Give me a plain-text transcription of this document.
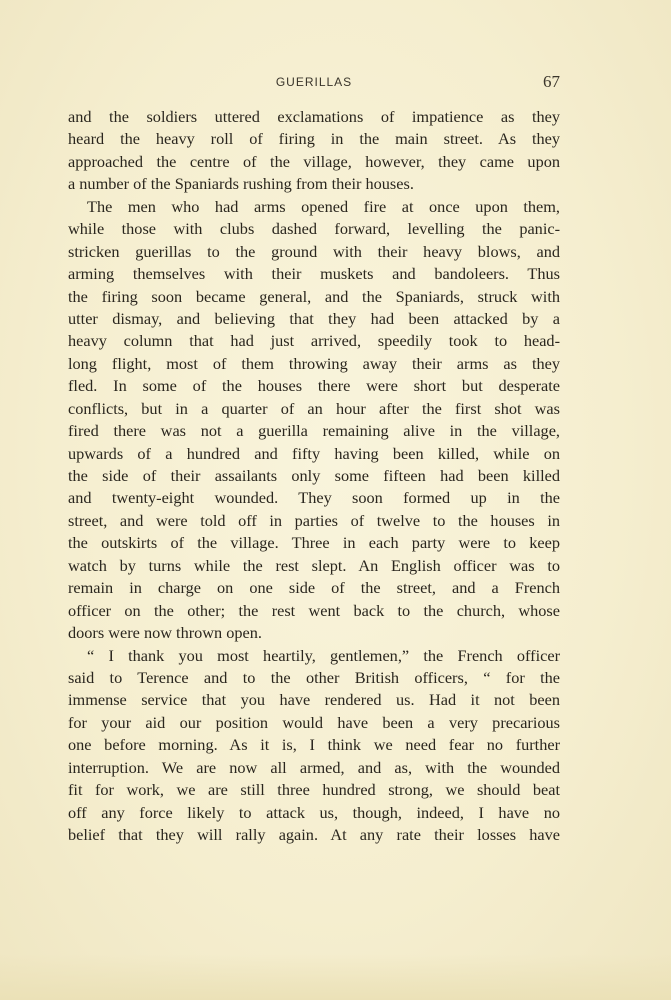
GUERILLAS	67
and the soldiers uttered exclamations of impatience as they
heard the heavy roll of firing in the main street. As they
approached the centre of the village, however, they came upon
a number of the Spaniards rushing from their houses.
The men who had arms opened fire at once upon them,
while those with clubs dashed forward, levelling the panic-
stricken guerillas to the ground with their heavy blows, and
arming themselves with their muskets and bandoleers. Thus
the firing soon became general, and the Spaniards, struck with
utter dismay, and believing that they had been attacked by a
heavy column that had just arrived, speedily took to head-
long flight, most of them throwing away their arms as they
fled. In some of the houses there were short but desperate
conflicts, but in a quarter of an hour after the first shot was
fired there was not a guerilla remaining alive in the village,
upwards of a hundred and fifty having been killed, while on
the side of their assailants only some fifteen had been killed
and twenty-eight wounded. They soon formed up in the
street, and were told off in parties of twelve to the houses in
the outskirts of the village. Three in each party were to keep
watch by turns while the rest slept. An English officer was to
remain in charge on one side of the street, and a French
officer on the other; the rest went back to the church, whose
doors were now thrown open.
“ I thank you most heartily, gentlemen,” the French officer
said to Terence and to the other British officers, “ for the
immense service that you have rendered us. Had it not been
for your aid our position would have been a very precarious
one before morning. As it is, I think we need fear no further
interruption. We are now all armed, and as, with the wounded
fit for work, we are still three hundred strong, we should beat
off any force likely to attack us, though, indeed, I have no
belief that they will rally again. At any rate their losses have
